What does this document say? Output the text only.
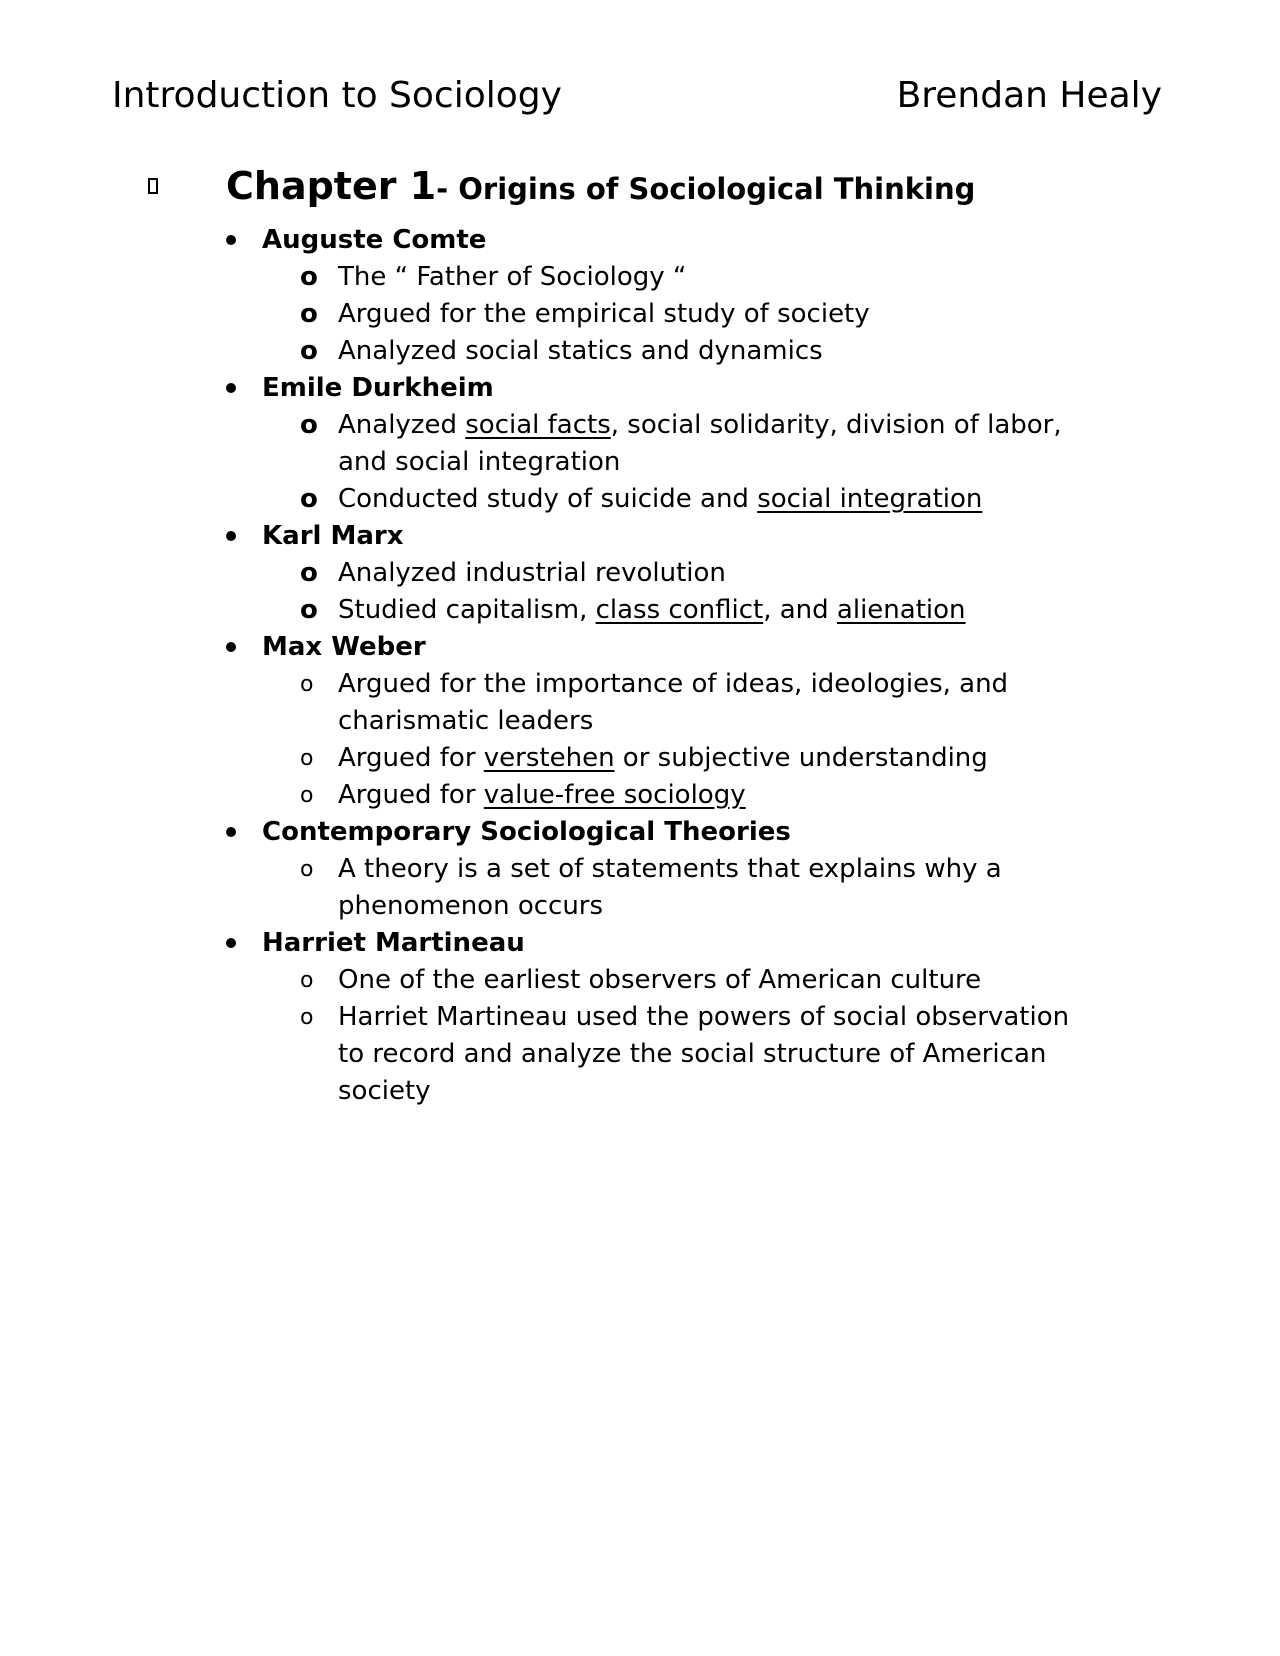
Introduction to Sociology	Brendan Healy
Chapter 1- Origins of Sociological Thinking
Auguste Comte
o The “ Father of Sociology “
o Argued for the empirical study of society
o Analyzed social statics and dynamics
Emile Durkheim
o Analyzed social facts, social solidarity, division of labor, and social integration
o Conducted study of suicide and social integration
Karl Marx
o Analyzed industrial revolution
o Studied capitalism, class conflict, and alienation
Max Weber
o Argued for the importance of ideas, ideologies, and charismatic leaders
o Argued for verstehen or subjective understanding
o Argued for value-free sociology
Contemporary Sociological Theories
o A theory is a set of statements that explains why a phenomenon occurs
Harriet Martineau
o One of the earliest observers of American culture
o Harriet Martineau used the powers of social observation to record and analyze the social structure of American society
